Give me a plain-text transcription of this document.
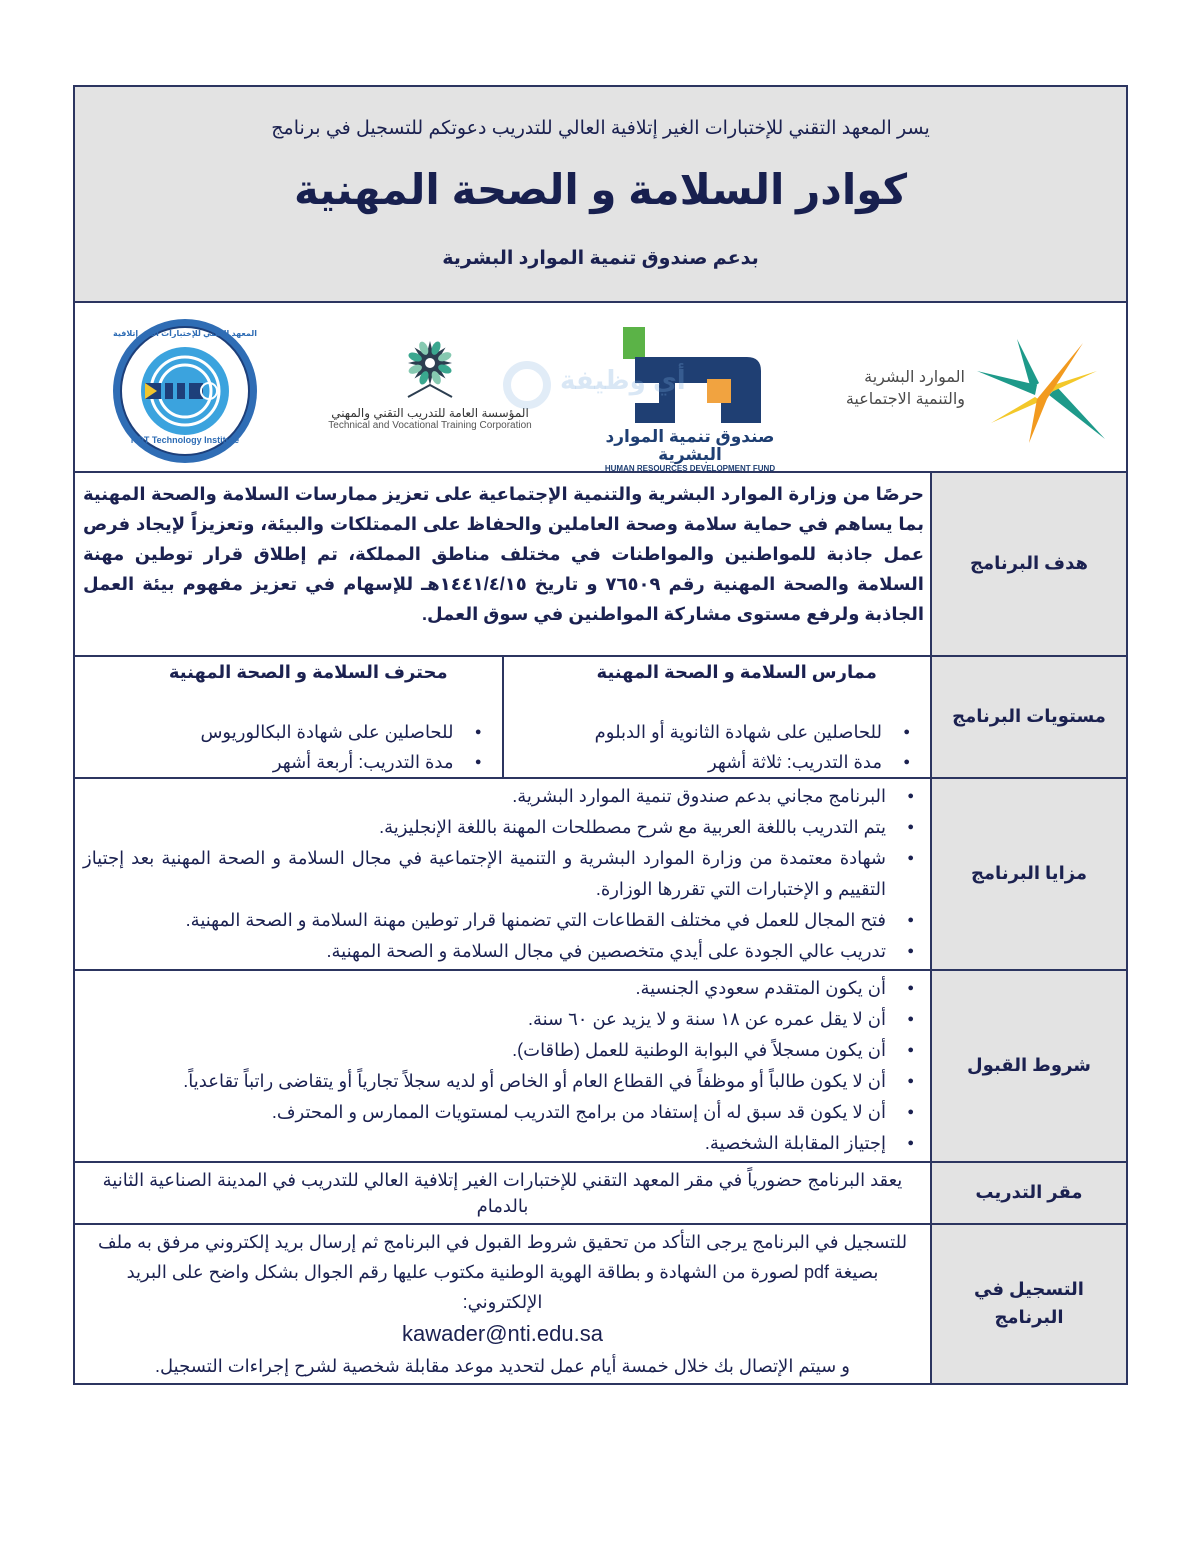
يسر المعهد التقني للإختبارات الغير إتلافية العالي للتدريب دعوتكم للتسجيل في برنامج
كوادر السلامة و الصحة المهنية
بدعم صندوق تنمية الموارد البشرية
NDT Technology Institute
المعهد التقني للإختبارات الغير إتلافية
المؤسسة العامة للتدريب التقني والمهني
Technical and Vocational Training Corporation
صندوق تنمية الموارد البشرية
HUMAN RESOURCES DEVELOPMENT FUND
الموارد البشرية
والتنمية الاجتماعية
أي وظيفة
هدف البرنامج
حرصًا من وزارة الموارد البشرية والتنمية الإجتماعية على تعزيز ممارسات السلامة والصحة المهنية بما يساهم في حماية سلامة وصحة العاملين والحفاظ على الممتلكات والبيئة، وتعزيزاً لإيجاد فرص عمل جاذبة للمواطنين والمواطنات في مختلف مناطق المملكة، تم إطلاق قرار توطين مهنة السلامة والصحة المهنية رقم ٧٦٥٠٩ و تاريخ ١٤٤١/٤/١٥هـ للإسهام في تعزيز مفهوم بيئة العمل الجاذبة ولرفع مستوى مشاركة المواطنين في سوق العمل.
مستويات البرنامج
ممارس السلامة و الصحة المهنية
● للحاصلين على شهادة الثانوية أو الدبلوم
● مدة التدريب: ثلاثة أشهر
محترف السلامة و الصحة المهنية
● للحاصلين على شهادة البكالوريوس
● مدة التدريب: أربعة أشهر
مزايا البرنامج
● البرنامج مجاني بدعم صندوق تنمية الموارد البشرية.
● يتم التدريب باللغة العربية مع شرح مصطلحات المهنة باللغة الإنجليزية.
● شهادة معتمدة من وزارة الموارد البشرية و التنمية الإجتماعية في مجال السلامة و الصحة المهنية بعد إجتياز التقييم و الإختبارات التي تقررها الوزارة.
● فتح المجال للعمل في مختلف القطاعات التي تضمنها قرار توطين مهنة السلامة و الصحة المهنية.
● تدريب عالي الجودة على أيدي متخصصين في مجال السلامة و الصحة المهنية.
شروط القبول
● أن يكون المتقدم سعودي الجنسية.
● أن لا يقل عمره عن ١٨ سنة و لا يزيد عن ٦٠ سنة.
● أن يكون مسجلاً في البوابة الوطنية للعمل (طاقات).
● أن لا يكون طالباً أو موظفاً في القطاع العام أو الخاص أو لديه سجلاً تجارياً أو يتقاضى راتباً تقاعدياً.
● أن لا يكون قد سبق له أن إستفاد من برامج التدريب لمستويات الممارس و المحترف.
● إجتياز المقابلة الشخصية.
مقر التدريب
يعقد البرنامج حضورياً في مقر المعهد التقني للإختبارات الغير إتلافية العالي للتدريب في المدينة الصناعية الثانية بالدمام
التسجيل في البرنامج
للتسجيل في البرنامج يرجى التأكد من تحقيق شروط القبول في البرنامج ثم إرسال بريد إلكتروني مرفق به ملف بصيغة pdf لصورة من الشهادة و بطاقة الهوية الوطنية مكتوب عليها رقم الجوال بشكل واضح على البريد الإلكتروني:
kawader@nti.edu.sa
و سيتم الإتصال بك خلال خمسة أيام عمل لتحديد موعد مقابلة شخصية لشرح إجراءات التسجيل.
